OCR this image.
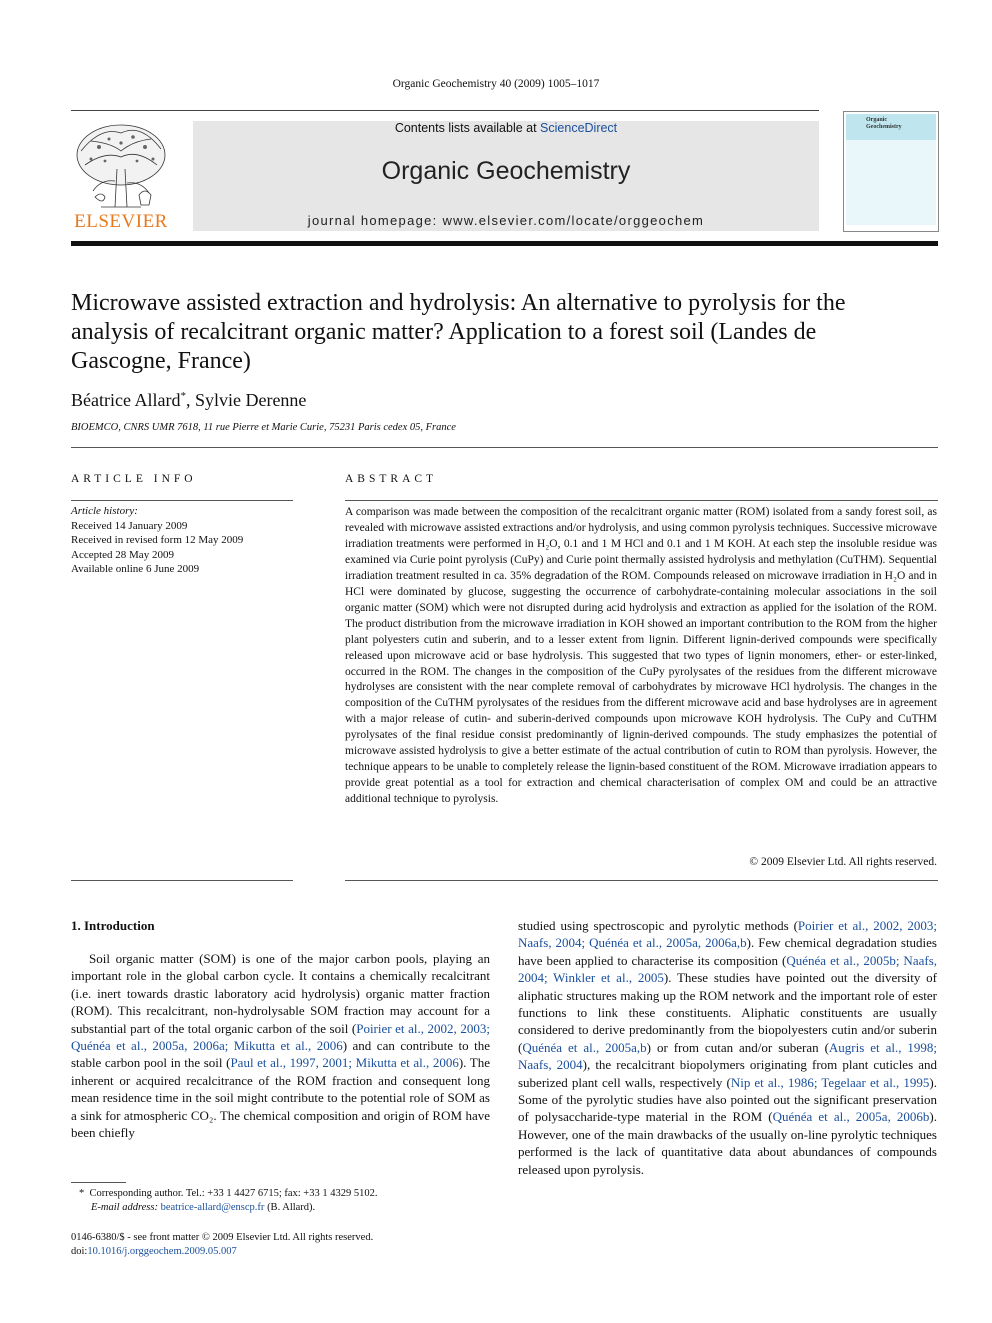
Organic Geochemistry 40 (2009) 1005–1017
ELSEVIER
Contents lists available at ScienceDirect
Organic Geochemistry
journal homepage: www.elsevier.com/locate/orggeochem
Organic Geochemistry
Microwave assisted extraction and hydrolysis: An alternative to pyrolysis for the analysis of recalcitrant organic matter? Application to a forest soil (Landes de Gascogne, France)
Béatrice Allard*, Sylvie Derenne
BIOEMCO, CNRS UMR 7618, 11 rue Pierre et Marie Curie, 75231 Paris cedex 05, France
ARTICLE INFO
Article history:
Received 14 January 2009
Received in revised form 12 May 2009
Accepted 28 May 2009
Available online 6 June 2009
ABSTRACT
A comparison was made between the composition of the recalcitrant organic matter (ROM) isolated from a sandy forest soil, as revealed with microwave assisted extractions and/or hydrolysis, and using common pyrolysis techniques. Successive microwave irradiation treatments were performed in H₂O, 0.1 and 1 M HCl and 0.1 and 1 M KOH. At each step the insoluble residue was examined via Curie point pyrolysis (CuPy) and Curie point thermally assisted hydrolysis and methylation (CuTHM). Sequential irradiation treatment resulted in ca. 35% degradation of the ROM. Compounds released on microwave irradiation in H₂O and in HCl were dominated by glucose, suggesting the occurrence of carbohydrate-containing molecular associations in the soil organic matter (SOM) which were not disrupted during acid hydrolysis and extraction as applied for the isolation of the ROM. The product distribution from the microwave irradiation in KOH showed an important contribution to the ROM from the higher plant polyesters cutin and suberin, and to a lesser extent from lignin. Different lignin-derived compounds were specifically released upon microwave acid or base hydrolysis. This suggested that two types of lignin monomers, ether- or ester-linked, occurred in the ROM. The changes in the composition of the CuPy pyrolysates of the residues from the different microwave hydrolyses are consistent with the near complete removal of carbohydrates by microwave HCl hydrolysis. The changes in the composition of the CuTHM pyrolysates of the residues from the different microwave acid and base hydrolyses are in agreement with a major release of cutin- and suberin-derived compounds upon microwave KOH hydrolysis. The CuPy and CuTHM pyrolysates of the final residue consist predominantly of lignin-derived compounds. The study emphasizes the potential of microwave assisted hydrolysis to give a better estimate of the actual contribution of cutin to ROM than pyrolysis. However, the technique appears to be unable to completely release the lignin-based constituent of the ROM. Microwave irradiation appears to provide great potential as a tool for extraction and chemical characterisation of complex OM and could be an attractive additional technique to pyrolysis.
© 2009 Elsevier Ltd. All rights reserved.
1. Introduction
Soil organic matter (SOM) is one of the major carbon pools, playing an important role in the global carbon cycle. It contains a chemically recalcitrant (i.e. inert towards drastic laboratory acid hydrolysis) organic matter fraction (ROM). This recalcitrant, non-hydrolysable SOM fraction may account for a substantial part of the total organic carbon of the soil (Poirier et al., 2002, 2003; Quénéa et al., 2005a, 2006a; Mikutta et al., 2006) and can contribute to the stable carbon pool in the soil (Paul et al., 1997, 2001; Mikutta et al., 2006). The inherent or acquired recalcitrance of the ROM fraction and consequent long mean residence time in the soil might contribute to the potential role of SOM as a sink for atmospheric CO₂. The chemical composition and origin of ROM have been chiefly
studied using spectroscopic and pyrolytic methods (Poirier et al., 2002, 2003; Naafs, 2004; Quénéa et al., 2005a, 2006a,b). Few chemical degradation studies have been applied to characterise its composition (Quénéa et al., 2005b; Naafs, 2004; Winkler et al., 2005). These studies have pointed out the diversity of aliphatic structures making up the ROM network and the important role of ester functions to link these constituents. Aliphatic constituents are usually considered to derive predominantly from the biopolyesters cutin and/or suberin (Quénéa et al., 2005a,b) or from cutan and/or suberan (Augris et al., 1998; Naafs, 2004), the recalcitrant biopolymers originating from plant cuticles and suberized plant cell walls, respectively (Nip et al., 1986; Tegelaar et al., 1995). Some of the pyrolytic studies have also pointed out the significant preservation of polysaccharide-type material in the ROM (Quénéa et al., 2005a, 2006b). However, one of the main drawbacks of the usually on-line pyrolytic techniques performed is the lack of quantitative data about abundances of compounds released upon pyrolysis.
* Corresponding author. Tel.: +33 1 4427 6715; fax: +33 1 4329 5102.
E-mail address: beatrice-allard@enscp.fr (B. Allard).
0146-6380/$ - see front matter © 2009 Elsevier Ltd. All rights reserved.
doi:10.1016/j.orggeochem.2009.05.007
